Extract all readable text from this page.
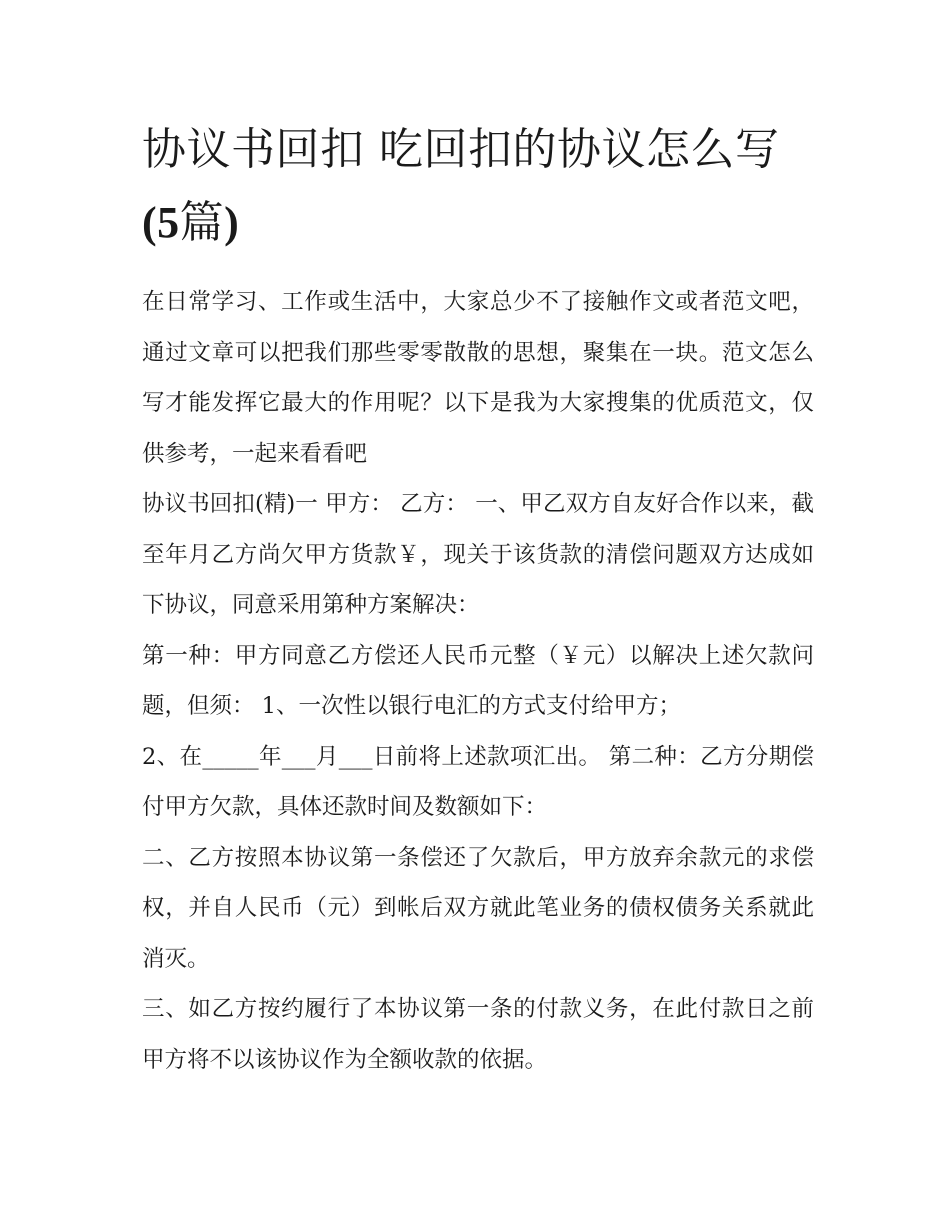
协议书回扣 吃回扣的协议怎么写(5篇)

在日常学习、工作或生活中，大家总少不了接触作文或者范文吧，通过文章可以把我们那些零零散散的思想，聚集在一块。范文怎么写才能发挥它最大的作用呢？以下是我为大家搜集的优质范文，仅供参考，一起来看看吧

协议书回扣(精)一 甲方： 乙方： 一、甲乙双方自友好合作以来，截至年月乙方尚欠甲方货款￥，现关于该货款的清偿问题双方达成如下协议，同意采用第种方案解决：

第一种：甲方同意乙方偿还人民币元整（￥元）以解决上述欠款问题，但须： 1、一次性以银行电汇的方式支付给甲方；

2、在_____年___月___日前将上述款项汇出。 第二种：乙方分期偿付甲方欠款，具体还款时间及数额如下：

二、乙方按照本协议第一条偿还了欠款后，甲方放弃余款元的求偿权，并自人民币（元）到帐后双方就此笔业务的债权债务关系就此消灭。

三、如乙方按约履行了本协议第一条的付款义务，在此付款日之前甲方将不以该协议作为全额收款的依据。
